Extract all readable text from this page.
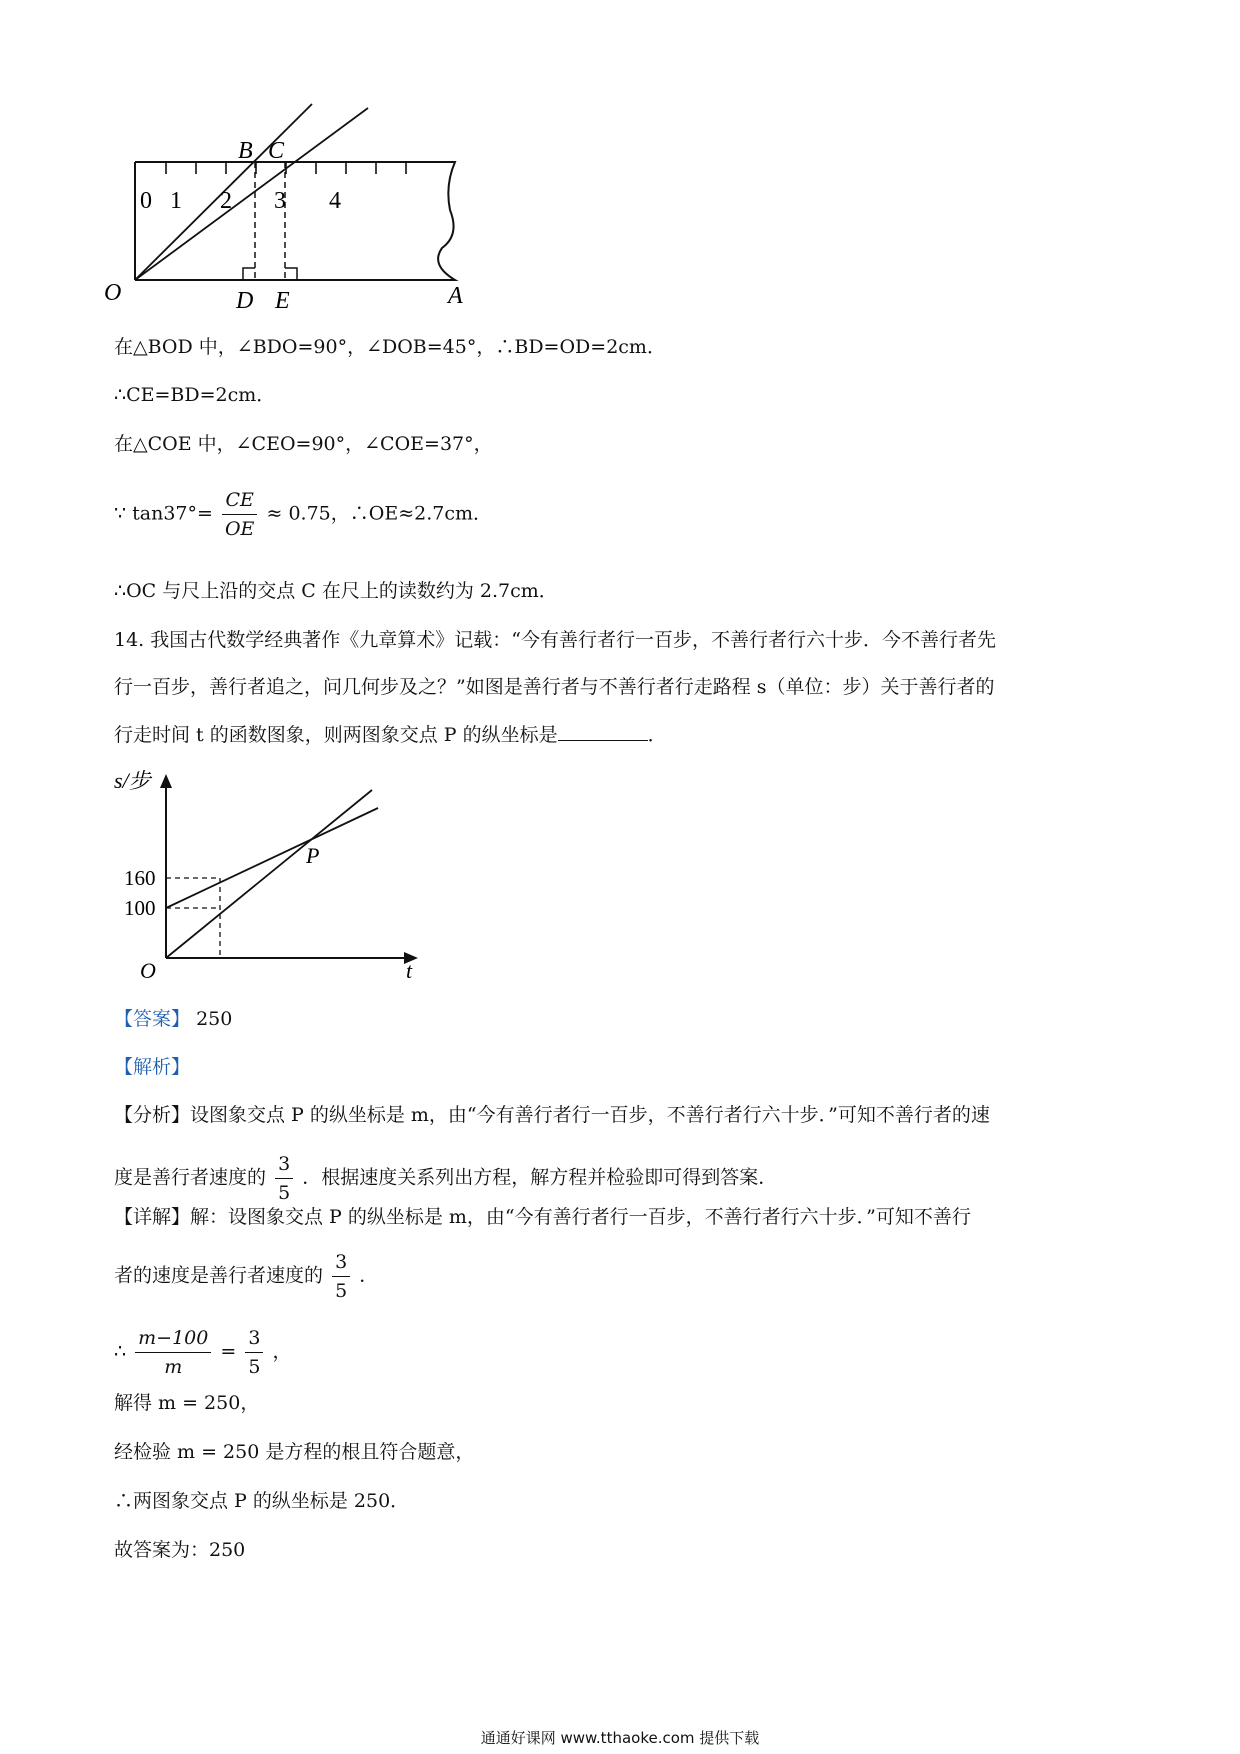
B C
O	D E	A
0 1 2 3 4
在△BOD 中，∠BDO=90°，∠DOB=45°，∴BD=OD=2cm．
∴CE=BD=2cm．
在△COE 中，∠CEO=90°，∠COE=37°，
∵ $\tan 37^\circ= \frac{CE}{OE} \approx 0.75$，∴OE≈2.7cm．
∴OC 与尺上沿的交点 C 在尺上的读数约为 2.7cm．
14. 我国古代数学经典著作《九章算术》记载：“今有善行者行一百步，不善行者行六十步．今不善行者先
行一百步，善行者追之，问几何步及之？”如图是善行者与不善行者行走路程 s（单位：步）关于善行者的
行走时间 t 的函数图象，则两图象交点 P 的纵坐标是	．
s/步
t
O
P
160
100
【答案】 250
【解析】
【分析】设图象交点 P 的纵坐标是 m，由“今有善行者行一百步，不善行者行六十步．”可知不善行者的速
度是善行者速度的 $\frac{3}{5}$ ．根据速度关系列出方程，解方程并检验即可得到答案．
【详解】解：设图象交点 P 的纵坐标是 m，由“今有善行者行一百步，不善行者行六十步．”可知不善行
者的速度是善行者速度的 $\frac{3}{5}$ ．
∴ $\frac{m-100}{m} = \frac{3}{5}$ ，
解得 m = 250，
经检验 m = 250 是方程的根且符合题意，
∴两图象交点 P 的纵坐标是 250．
故答案为：250
通通好课网 www.tthaoke.com 提供下载
